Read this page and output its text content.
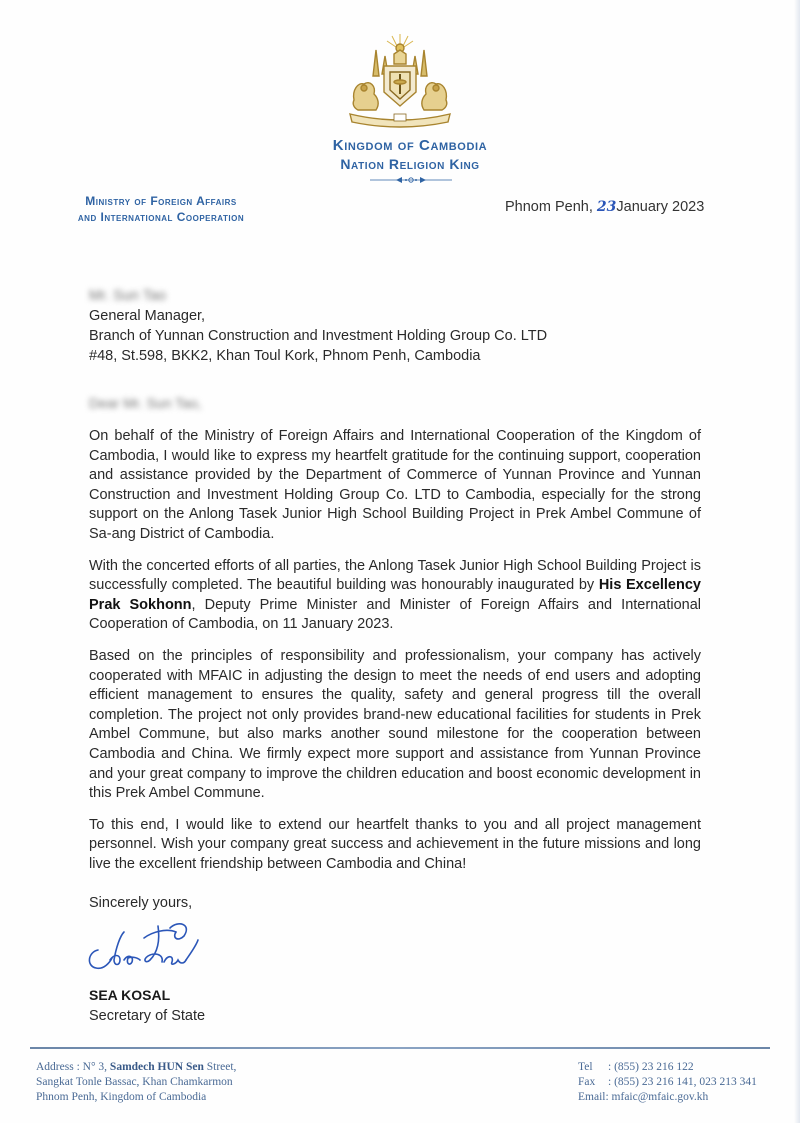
Kingdom of Cambodia
Nation Religion King
Ministry of Foreign Affairs
and International Cooperation
Phnom Penh, 23January 2023
Mr. Sun Tao
General Manager,
Branch of Yunnan Construction and Investment Holding Group Co. LTD
#48, St.598, BKK2, Khan Toul Kork, Phnom Penh, Cambodia
Dear Mr. Sun Tao,

On behalf of the Ministry of Foreign Affairs and International Cooperation of the Kingdom of Cambodia, I would like to express my heartfelt gratitude for the continuing support, cooperation and assistance provided by the Department of Commerce of Yunnan Province and Yunnan Construction and Investment Holding Group Co. LTD to Cambodia, especially for the strong support on the Anlong Tasek Junior High School Building Project in Prek Ambel Commune of Sa-ang District of Cambodia.

With the concerted efforts of all parties, the Anlong Tasek Junior High School Building Project is successfully completed. The beautiful building was honourably inaugurated by His Excellency Prak Sokhonn, Deputy Prime Minister and Minister of Foreign Affairs and International Cooperation of Cambodia, on 11 January 2023.

Based on the principles of responsibility and professionalism, your company has actively cooperated with MFAIC in adjusting the design to meet the needs of end users and adopting efficient management to ensures the quality, safety and general progress till the overall completion. The project not only provides brand-new educational facilities for students in Prek Ambel Commune, but also marks another sound milestone for the cooperation between Cambodia and China. We firmly expect more support and assistance from Yunnan Province and your great company to improve the children education and boost economic development in this Prek Ambel Commune.

To this end, I would like to extend our heartfelt thanks to you and all project management personnel. Wish your company great success and achievement in the future missions and long live the excellent friendship between Cambodia and China!

Sincerely yours,
SEA KOSAL
Secretary of State
Address : N° 3, Samdech HUN Sen Street,
Sangkat Tonle Bassac, Khan Chamkarmon
Phnom Penh, Kingdom of Cambodia
Tel	: (855) 23 216 122
Fax	: (855) 23 216 141, 023 213 341
Email : mfaic@mfaic.gov.kh
